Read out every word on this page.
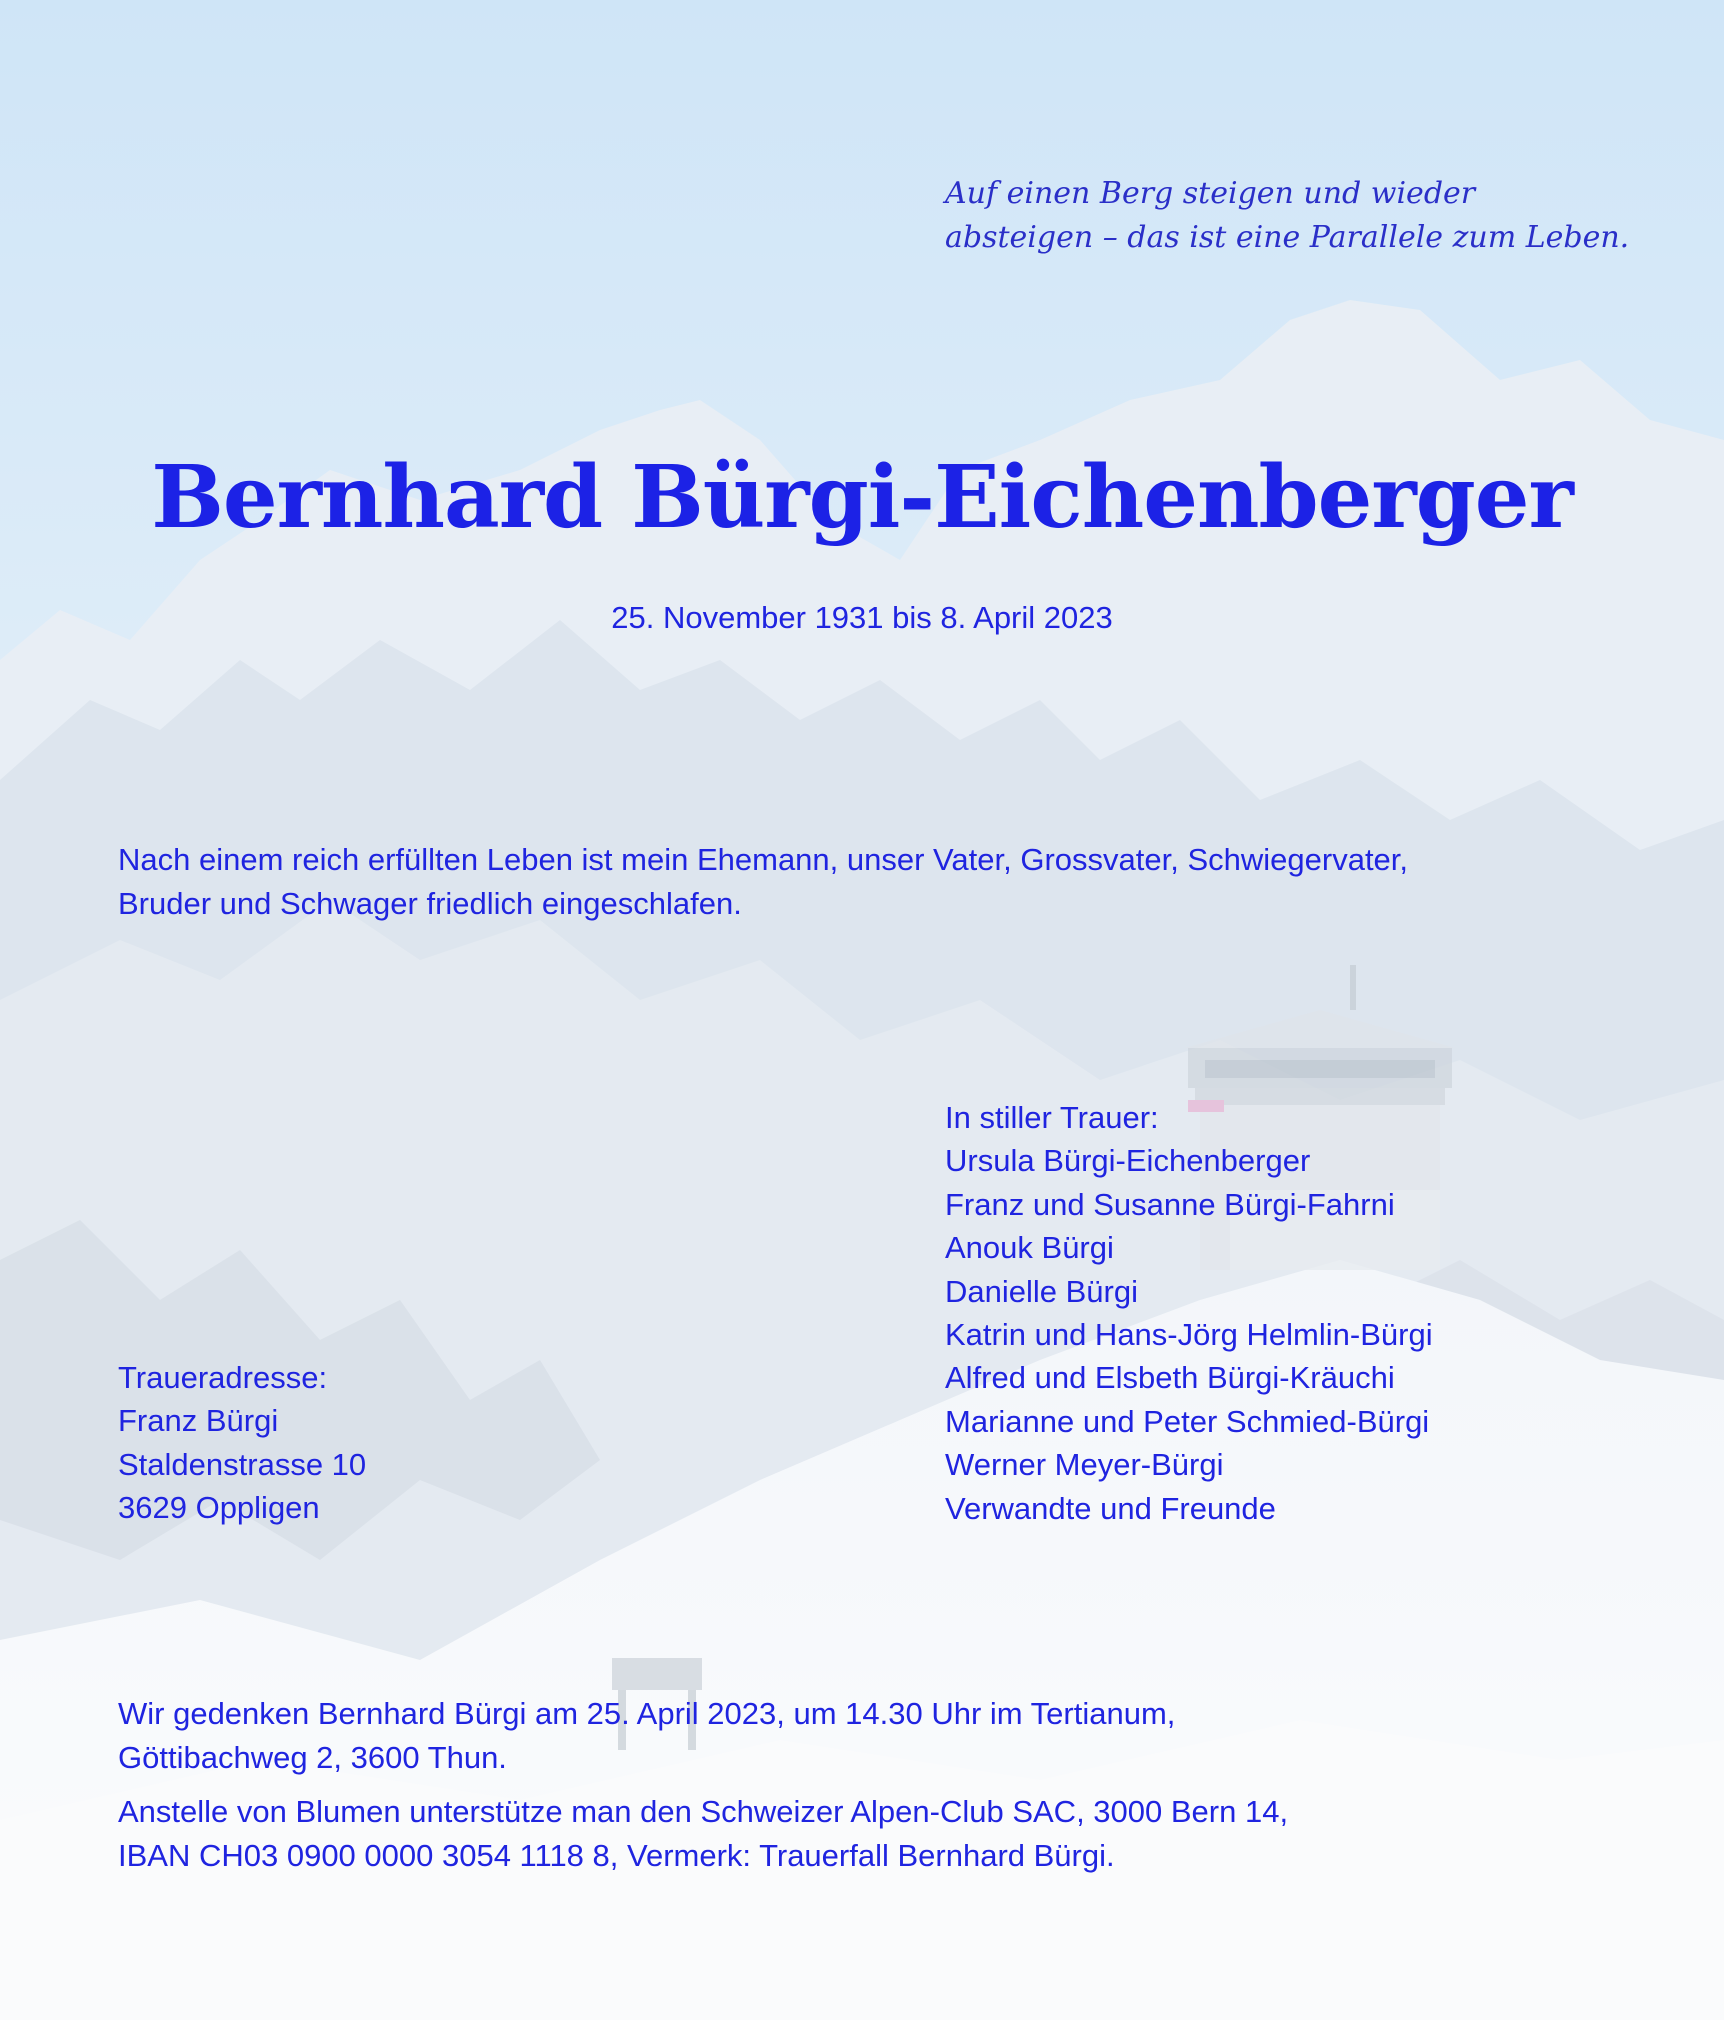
Auf einen Berg steigen und wieder
absteigen – das ist eine Parallele zum Leben.
Bernhard Bürgi-Eichenberger
25. November 1931 bis 8. April 2023
Nach einem reich erfüllten Leben ist mein Ehemann, unser Vater, Grossvater, Schwiegervater,
Bruder und Schwager friedlich eingeschlafen.
In stiller Trauer:
Ursula Bürgi-Eichenberger
Franz und Susanne Bürgi-Fahrni
Anouk Bürgi
Danielle Bürgi
Katrin und Hans-Jörg Helmlin-Bürgi
Alfred und Elsbeth Bürgi-Kräuchi
Marianne und Peter Schmied-Bürgi
Werner Meyer-Bürgi
Verwandte und Freunde
Traueradresse:
Franz Bürgi
Staldenstrasse 10
3629 Oppligen
Wir gedenken Bernhard Bürgi am 25. April 2023, um 14.30 Uhr im Tertianum,
Göttibachweg 2, 3600 Thun.
Anstelle von Blumen unterstütze man den Schweizer Alpen-Club SAC, 3000 Bern 14,
IBAN CH03 0900 0000 3054 1118 8, Vermerk: Trauerfall Bernhard Bürgi.
